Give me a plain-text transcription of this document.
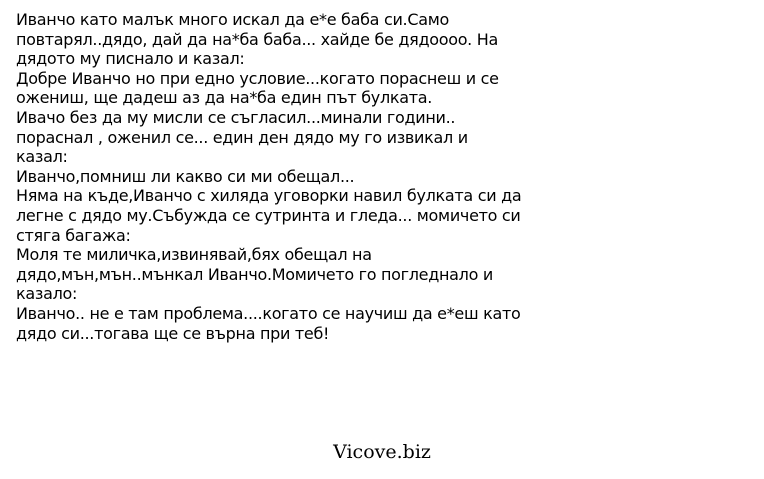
Иванчо като малък много искал да е*е баба си.Само
повтарял..дядо, дай да на*ба баба... хайде бе дядоооо. На
дядото му писнало и казал:
Добре Иванчо но при едно условие...когато пораснеш и се
ожениш, ще дадеш аз да на*ба един път булката.
Ивачо без да му мисли се съгласил...минали години..
пораснал , оженил се... един ден дядо му го извикал и
казал:
Иванчо,помниш ли какво си ми обещал...
Няма на къде,Иванчо с хиляда уговорки навил булката си да
легне с дядо му.Събужда се сутринта и гледа... момичето си
стяга багажа:
Моля те миличка,извинявай,бях обещал на
дядо,мън,мън..мънкал Иванчо.Момичето го погледнало и
казало:
Иванчо.. не е там проблема....когато се научиш да е*еш като
дядо си...тогава ще се върна при теб!
Vicove.biz
